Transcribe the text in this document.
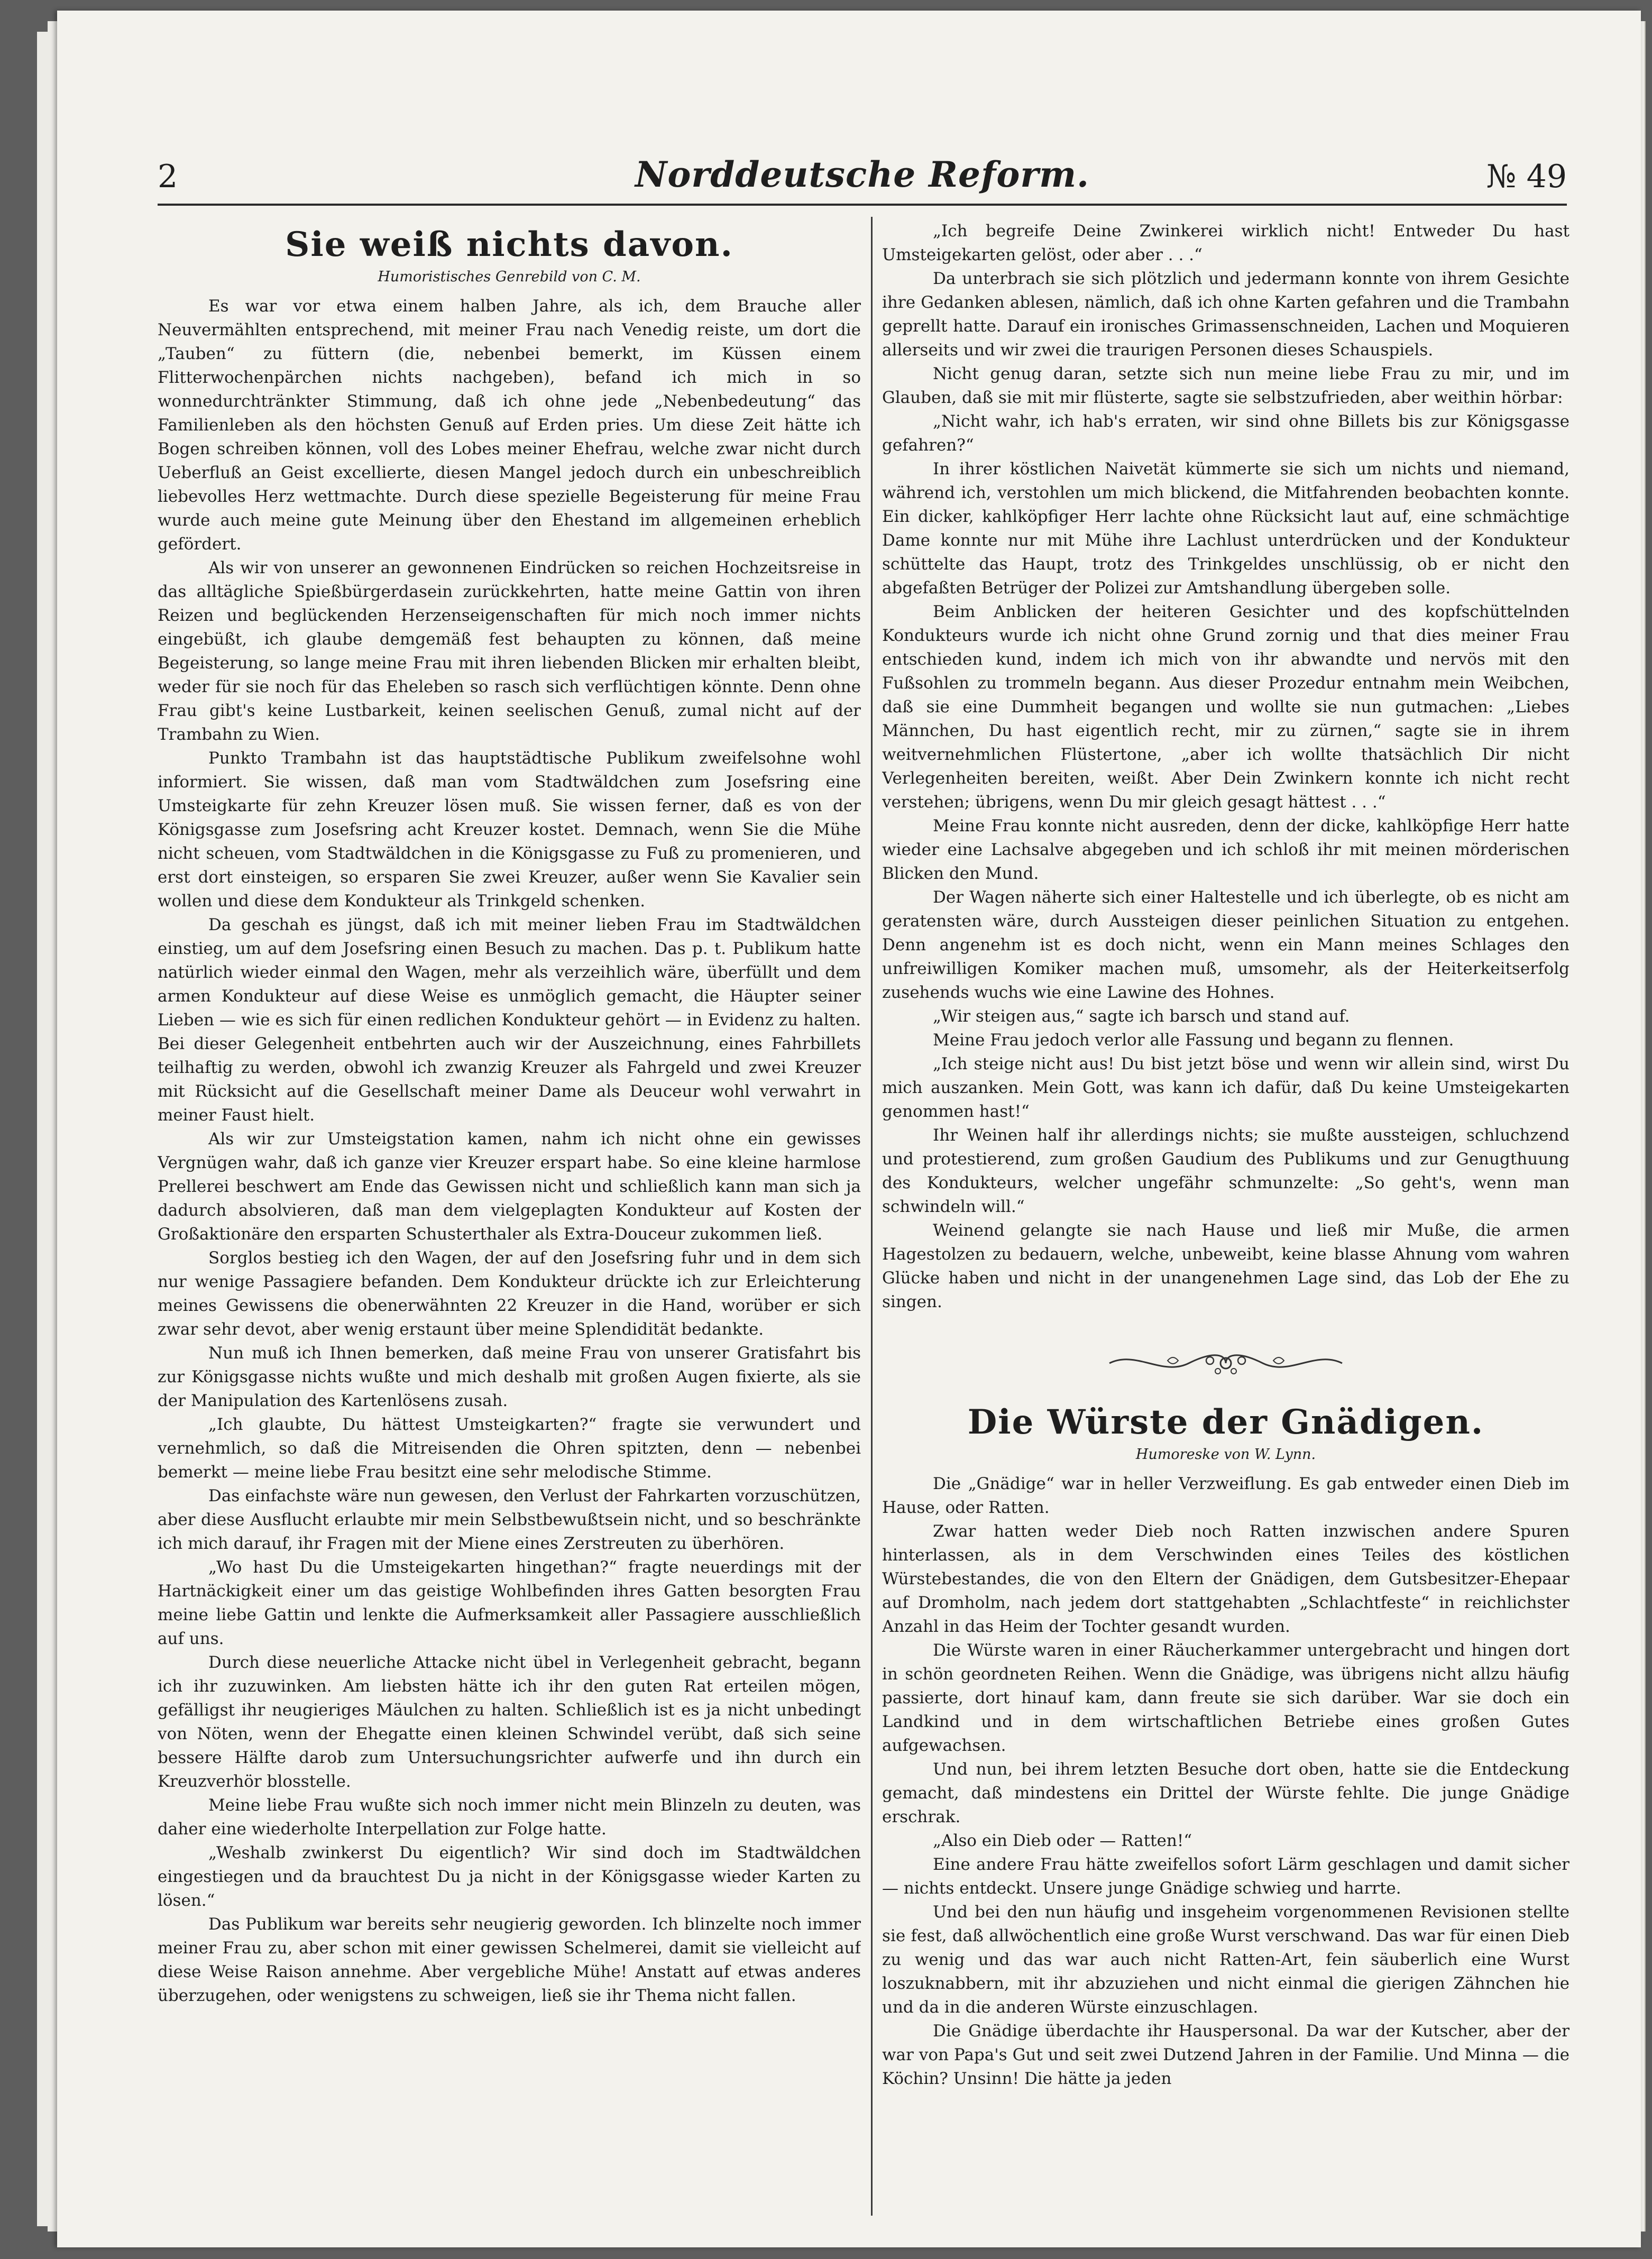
2	Norddeutsche Reform.	№ 49
Sie weiß nichts davon.
Humoristisches Genrebild von C. M.

Es war vor etwa einem halben Jahre, als ich, dem Brauche aller Neuvermählten entsprechend, mit meiner Frau nach Venedig reiste, um dort die „Tauben“ zu füttern (die, nebenbei bemerkt, im Küssen einem Flitterwochenpärchen nichts nachgeben), befand ich mich in so wonnedurchtränkter Stimmung, daß ich ohne jede „Nebenbedeutung“ das Familienleben als den höchsten Genuß auf Erden pries. Um diese Zeit hätte ich Bogen schreiben können, voll des Lobes meiner Ehefrau, welche zwar nicht durch Ueberfluß an Geist excellierte, diesen Mangel jedoch durch ein unbeschreiblich liebevolles Herz wettmachte. Durch diese spezielle Begeisterung für meine Frau wurde auch meine gute Meinung über den Ehestand im allgemeinen erheblich gefördert.

Als wir von unserer an gewonnenen Eindrücken so reichen Hochzeitsreise in das alltägliche Spießbürgerdasein zurückkehrten, hatte meine Gattin von ihren Reizen und beglückenden Herzenseigenschaften für mich noch immer nichts eingebüßt, ich glaube demgemäß fest behaupten zu können, daß meine Begeisterung, so lange meine Frau mit ihren liebenden Blicken mir erhalten bleibt, weder für sie noch für das Eheleben so rasch sich verflüchtigen könnte. Denn ohne Frau gibt's keine Lustbarkeit, keinen seelischen Genuß, zumal nicht auf der Trambahn zu Wien.

Punkto Trambahn ist das hauptstädtische Publikum zweifelsohne wohl informiert. Sie wissen, daß man vom Stadtwäldchen zum Josefsring eine Umsteigkarte für zehn Kreuzer lösen muß. Sie wissen ferner, daß es von der Königsgasse zum Josefsring acht Kreuzer kostet. Demnach, wenn Sie die Mühe nicht scheuen, vom Stadtwäldchen in die Königsgasse zu Fuß zu promenieren, und erst dort einsteigen, so ersparen Sie zwei Kreuzer, außer wenn Sie Kavalier sein wollen und diese dem Kondukteur als Trinkgeld schenken.

Da geschah es jüngst, daß ich mit meiner lieben Frau im Stadtwäldchen einstieg, um auf dem Josefsring einen Besuch zu machen. Das p. t. Publikum hatte natürlich wieder einmal den Wagen, mehr als verzeihlich wäre, überfüllt und dem armen Kondukteur auf diese Weise es unmöglich gemacht, die Häupter seiner Lieben — wie es sich für einen redlichen Kondukteur gehört — in Evidenz zu halten. Bei dieser Gelegenheit entbehrten auch wir der Auszeichnung, eines Fahrbillets teilhaftig zu werden, obwohl ich zwanzig Kreuzer als Fahrgeld und zwei Kreuzer mit Rücksicht auf die Gesellschaft meiner Dame als Deuceur wohl verwahrt in meiner Faust hielt.

Als wir zur Umsteigstation kamen, nahm ich nicht ohne ein gewisses Vergnügen wahr, daß ich ganze vier Kreuzer erspart habe. So eine kleine harmlose Prellerei beschwert am Ende das Gewissen nicht und schließlich kann man sich ja dadurch absolvieren, daß man dem vielgeplagten Kondukteur auf Kosten der Großaktionäre den ersparten Schusterthaler als Extra-Douceur zukommen ließ.

Sorglos bestieg ich den Wagen, der auf den Josefsring fuhr und in dem sich nur wenige Passagiere befanden. Dem Kondukteur drückte ich zur Erleichterung meines Gewissens die obenerwähnten 22 Kreuzer in die Hand, worüber er sich zwar sehr devot, aber wenig erstaunt über meine Splendidität bedankte.

Nun muß ich Ihnen bemerken, daß meine Frau von unserer Gratisfahrt bis zur Königsgasse nichts wußte und mich deshalb mit großen Augen fixierte, als sie der Manipulation des Kartenlösens zusah.

„Ich glaubte, Du hättest Umsteigkarten?“ fragte sie verwundert und vernehmlich, so daß die Mitreisenden die Ohren spitzten, denn — nebenbei bemerkt — meine liebe Frau besitzt eine sehr melodische Stimme.

Das einfachste wäre nun gewesen, den Verlust der Fahrkarten vorzuschützen, aber diese Ausflucht erlaubte mir mein Selbstbewußtsein nicht, und so beschränkte ich mich darauf, ihr Fragen mit der Miene eines Zerstreuten zu überhören.

„Wo hast Du die Umsteigekarten hingethan?“ fragte neuerdings mit der Hartnäckigkeit einer um das geistige Wohlbefinden ihres Gatten besorgten Frau meine liebe Gattin und lenkte die Aufmerksamkeit aller Passagiere ausschließlich auf uns.

Durch diese neuerliche Attacke nicht übel in Verlegenheit gebracht, begann ich ihr zuzuwinken. Am liebsten hätte ich ihr den guten Rat erteilen mögen, gefälligst ihr neugieriges Mäulchen zu halten. Schließlich ist es ja nicht unbedingt von Nöten, wenn der Ehegatte einen kleinen Schwindel verübt, daß sich seine bessere Hälfte darob zum Untersuchungsrichter aufwerfe und ihn durch ein Kreuzverhör blosstelle.

Meine liebe Frau wußte sich noch immer nicht mein Blinzeln zu deuten, was daher eine wiederholte Interpellation zur Folge hatte.

„Weshalb zwinkerst Du eigentlich? Wir sind doch im Stadtwäldchen eingestiegen und da brauchtest Du ja nicht in der Königsgasse wieder Karten zu lösen.“

Das Publikum war bereits sehr neugierig geworden. Ich blinzelte noch immer meiner Frau zu, aber schon mit einer gewissen Schelmerei, damit sie vielleicht auf diese Weise Raison annehme. Aber vergebliche Mühe! Anstatt auf etwas anderes überzugehen, oder wenigstens zu schweigen, ließ sie ihr Thema nicht fallen.

„Ich begreife Deine Zwinkerei wirklich nicht! Entweder Du hast Umsteigekarten gelöst, oder aber . . .“

Da unterbrach sie sich plötzlich und jedermann konnte von ihrem Gesichte ihre Gedanken ablesen, nämlich, daß ich ohne Karten gefahren und die Trambahn geprellt hatte. Darauf ein ironisches Grimassenschneiden, Lachen und Moquieren allerseits und wir zwei die traurigen Personen dieses Schauspiels.

Nicht genug daran, setzte sich nun meine liebe Frau zu mir, und im Glauben, daß sie mit mir flüsterte, sagte sie selbstzufrieden, aber weithin hörbar:

„Nicht wahr, ich hab's erraten, wir sind ohne Billets bis zur Königsgasse gefahren?“

In ihrer köstlichen Naivetät kümmerte sie sich um nichts und niemand, während ich, verstohlen um mich blickend, die Mitfahrenden beobachten konnte. Ein dicker, kahlköpfiger Herr lachte ohne Rücksicht laut auf, eine schmächtige Dame konnte nur mit Mühe ihre Lachlust unterdrücken und der Kondukteur schüttelte das Haupt, trotz des Trinkgeldes unschlüssig, ob er nicht den abgefaßten Betrüger der Polizei zur Amtshandlung übergeben solle.

Beim Anblicken der heiteren Gesichter und des kopfschüttelnden Kondukteurs wurde ich nicht ohne Grund zornig und that dies meiner Frau entschieden kund, indem ich mich von ihr abwandte und nervös mit den Fußsohlen zu trommeln begann. Aus dieser Prozedur entnahm mein Weibchen, daß sie eine Dummheit begangen und wollte sie nun gutmachen: „Liebes Männchen, Du hast eigentlich recht, mir zu zürnen,“ sagte sie in ihrem weitvernehmlichen Flüstertone, „aber ich wollte thatsächlich Dir nicht Verlegenheiten bereiten, weißt. Aber Dein Zwinkern konnte ich nicht recht verstehen; übrigens, wenn Du mir gleich gesagt hättest . . .“

Meine Frau konnte nicht ausreden, denn der dicke, kahlköpfige Herr hatte wieder eine Lachsalve abgegeben und ich schloß ihr mit meinen mörderischen Blicken den Mund.

Der Wagen näherte sich einer Haltestelle und ich überlegte, ob es nicht am geratensten wäre, durch Aussteigen dieser peinlichen Situation zu entgehen. Denn angenehm ist es doch nicht, wenn ein Mann meines Schlages den unfreiwilligen Komiker machen muß, umsomehr, als der Heiterkeitserfolg zusehends wuchs wie eine Lawine des Hohnes.

„Wir steigen aus,“ sagte ich barsch und stand auf.

Meine Frau jedoch verlor alle Fassung und begann zu flennen.

„Ich steige nicht aus! Du bist jetzt böse und wenn wir allein sind, wirst Du mich auszanken. Mein Gott, was kann ich dafür, daß Du keine Umsteigekarten genommen hast!“

Ihr Weinen half ihr allerdings nichts; sie mußte aussteigen, schluchzend und protestierend, zum großen Gaudium des Publikums und zur Genugthuung des Kondukteurs, welcher ungefähr schmunzelte: „So geht's, wenn man schwindeln will.“

Weinend gelangte sie nach Hause und ließ mir Muße, die armen Hagestolzen zu bedauern, welche, unbeweibt, keine blasse Ahnung vom wahren Glücke haben und nicht in der unangenehmen Lage sind, das Lob der Ehe zu singen.

Die Würste der Gnädigen.
Humoreske von W. Lynn.

Die „Gnädige“ war in heller Verzweiflung. Es gab entweder einen Dieb im Hause, oder Ratten.

Zwar hatten weder Dieb noch Ratten inzwischen andere Spuren hinterlassen, als in dem Verschwinden eines Teiles des köstlichen Würstebestandes, die von den Eltern der Gnädigen, dem Gutsbesitzer-Ehepaar auf Dromholm, nach jedem dort stattgehabten „Schlachtfeste“ in reichlichster Anzahl in das Heim der Tochter gesandt wurden.

Die Würste waren in einer Räucherkammer untergebracht und hingen dort in schön geordneten Reihen. Wenn die Gnädige, was übrigens nicht allzu häufig passierte, dort hinauf kam, dann freute sie sich darüber. War sie doch ein Landkind und in dem wirtschaftlichen Betriebe eines großen Gutes aufgewachsen.

Und nun, bei ihrem letzten Besuche dort oben, hatte sie die Entdeckung gemacht, daß mindestens ein Drittel der Würste fehlte. Die junge Gnädige erschrak.

„Also ein Dieb oder — Ratten!“

Eine andere Frau hätte zweifellos sofort Lärm geschlagen und damit sicher — nichts entdeckt. Unsere junge Gnädige schwieg und harrte.

Und bei den nun häufig und insgeheim vorgenommenen Revisionen stellte sie fest, daß allwöchentlich eine große Wurst verschwand. Das war für einen Dieb zu wenig und das war auch nicht Ratten-Art, fein säuberlich eine Wurst loszuknabbern, mit ihr abzuziehen und nicht einmal die gierigen Zähnchen hie und da in die anderen Würste einzuschlagen.

Die Gnädige überdachte ihr Hauspersonal. Da war der Kutscher, aber der war von Papa's Gut und seit zwei Dutzend Jahren in der Familie. Und Minna — die Köchin? Unsinn! Die hätte ja jeden
